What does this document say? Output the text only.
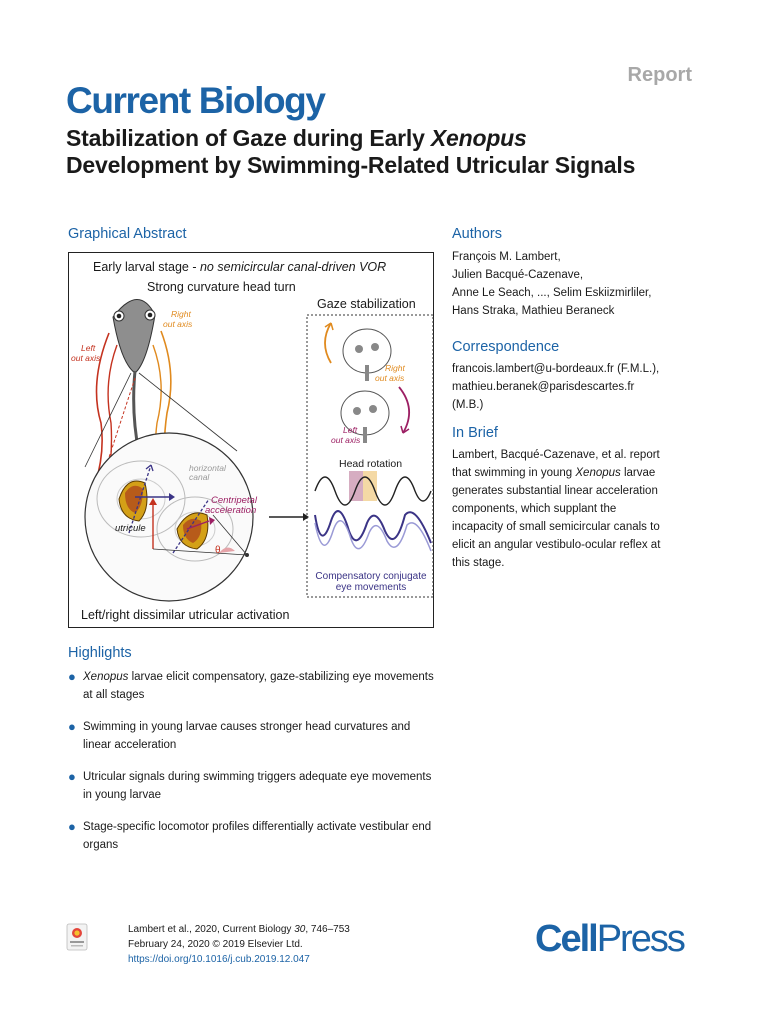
Report
Current Biology
Stabilization of Gaze during Early Xenopus Development by Swimming-Related Utricular Signals
Graphical Abstract
Early larval stage - no semicircular canal-driven VOR
Strong curvature head turn
Right out axis
Left out axis
Gaze stabilization
Right out axis
Left out axis
Head rotation
Compensatory conjugate eye movements
horizontal canal
Centripetal acceleration
utricule
θ
Left/right dissimilar utricular activation
Highlights
● Xenopus larvae elicit compensatory, gaze-stabilizing eye movements at all stages
● Swimming in young larvae causes stronger head curvatures and linear acceleration
● Utricular signals during swimming triggers adequate eye movements in young larvae
● Stage-specific locomotor profiles differentially activate vestibular end organs
Authors
François M. Lambert,
Julien Bacqué-Cazenave,
Anne Le Seach, ..., Selim Eskiizmirliler,
Hans Straka, Mathieu Beraneck
Correspondence
francois.lambert@u-bordeaux.fr (F.M.L.),
mathieu.beranek@parisdescartes.fr
(M.B.)
In Brief
Lambert, Bacqué-Cazenave, et al. report
that swimming in young Xenopus larvae
generates substantial linear acceleration
components, which supplant the
incapacity of small semicircular canals to
elicit an angular vestibulo-ocular reflex at
this stage.
Lambert et al., 2020, Current Biology 30, 746–753
February 24, 2020 © 2019 Elsevier Ltd.
https://doi.org/10.1016/j.cub.2019.12.047	CellPress
